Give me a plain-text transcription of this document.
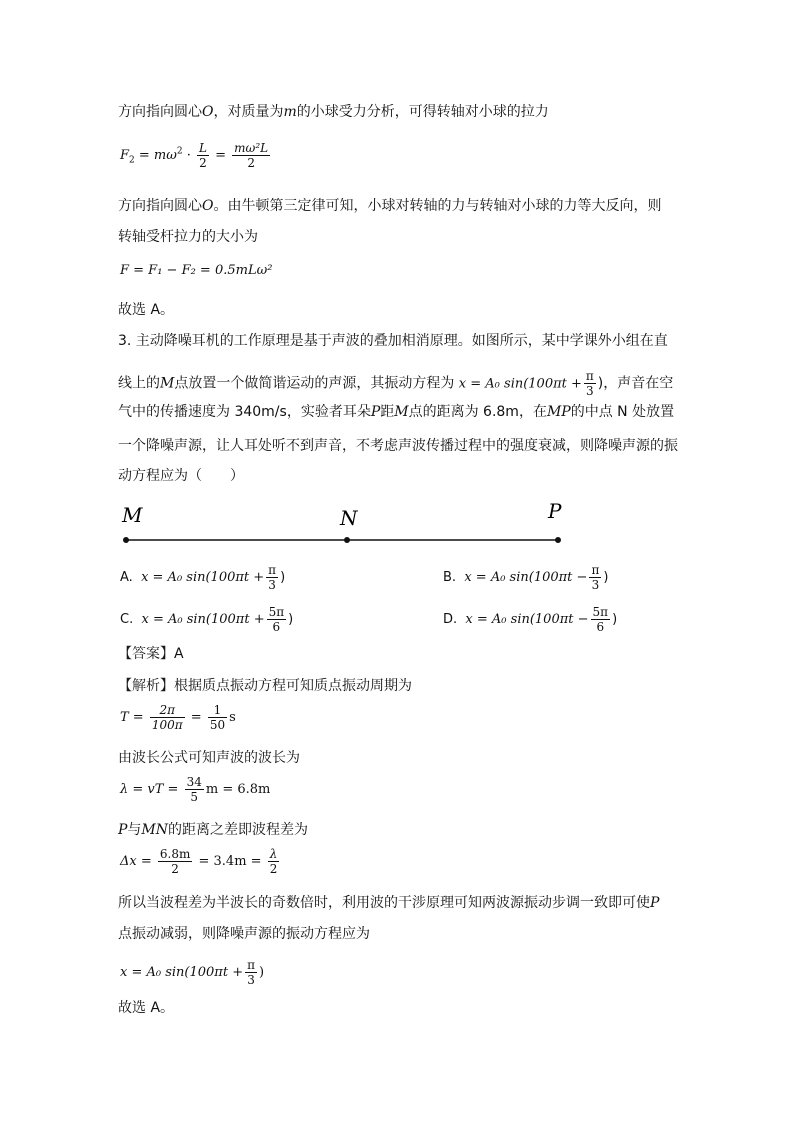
方向指向圆心O，对质量为m的小球受力分析，可得转轴对小球的拉力
$F_2 = m\omega^2 \cdot \frac{L}{2} = \frac{\text{mω²L}}{2}$
方向指向圆心O。由牛顿第三定律可知，小球对转轴的力与转轴对小球的力等大反向，则
转轴受杆拉力的大小为
F = F₁ − F₂ = 0.5mLω²
故选 A。
3. 主动降噪耳机的工作原理是基于声波的叠加相消原理。如图所示，某中学课外小组在直
线上的M点放置一个做简谐运动的声源，其振动方程为 x = A₀ $\sin(100\pi t + \frac{\pi}{3}$ )，声音在空
气中的传播速度为 340m/s，实验者耳朵P距M点的距离为 6.8m，在MP的中点 N 处放置
一个降噪声源，让人耳处听不到声音，不考虑声波传播过程中的强度衰减，则降噪声源的振
动方程应为（　　）
M	N	P
A. x = A₀ $\sin(100\pi t + \frac{\pi}{3}$ )	B. x = A₀ $\sin(100\pi t - \frac{\pi}{3}$ )
C. x = A₀ $\sin(100\pi t + \frac{5\pi}{6}$ )	D. x = A₀ $\sin(100\pi t - \frac{5\pi}{6}$ )
【答案】A
【解析】根据质点振动方程可知质点振动周期为
$T = \frac{2\pi}{100\pi} = \frac{1}{50}$ s
由波长公式可知声波的波长为
λ = vT = $\frac{34}{5}$ m = 6.8m
P与MN的距离之差即波程差为
$\Delta x = \frac{6.8m}{2} = 3.4m = \frac{\lambda}{2}$
所以当波程差为半波长的奇数倍时，利用波的干涉原理可知两波源振动步调一致即可使P
点振动减弱，则降噪声源的振动方程应为
x = A₀ $\sin(100\pi t + \frac{\pi}{3}$ )
故选 A。
